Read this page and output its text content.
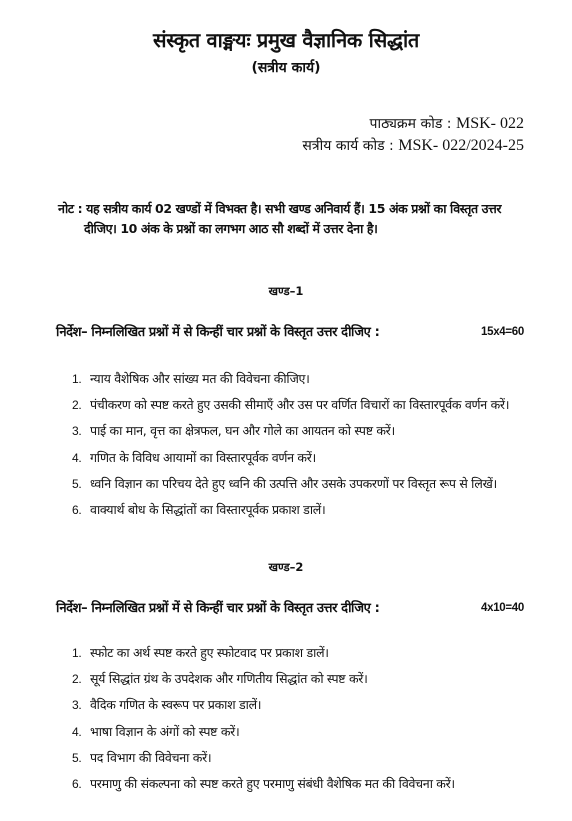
संस्कृत वाङ्मयः प्रमुख वैज्ञानिक सिद्धांत
(सत्रीय कार्य)
पाठ्यक्रम कोड : MSK- 022
सत्रीय कार्य कोड : MSK- 022/2024-25
नोट : यह सत्रीय कार्य 02 खण्डों में विभक्त है। सभी खण्ड अनिवार्य हैं। 15 अंक प्रश्नों का विस्तृत उत्तर
दीजिए। 10 अंक के प्रश्नों का लगभग आठ सौ शब्दों में उत्तर देना है।
खण्ड–1
निर्देश– निम्नलिखित प्रश्नों में से किन्हीं चार प्रश्नों के विस्तृत उत्तर दीजिए :	15x4=60
1. न्याय वैशेषिक और सांख्य मत की विवेचना कीजिए।
2. पंचीकरण को स्पष्ट करते हुए उसकी सीमाएँ और उस पर वर्णित विचारों का विस्तारपूर्वक वर्णन करें।
3. पाई का मान, वृत्त का क्षेत्रफल, घन और गोले का आयतन को स्पष्ट करें।
4. गणित के विविध आयामों का विस्तारपूर्वक वर्णन करें।
5. ध्वनि विज्ञान का परिचय देते हुए ध्वनि की उत्पत्ति और उसके उपकरणों पर विस्तृत रूप से लिखें।
6. वाक्यार्थ बोध के सिद्धांतों का विस्तारपूर्वक प्रकाश डालें।
खण्ड–2
निर्देश– निम्नलिखित प्रश्नों में से किन्हीं चार प्रश्नों के विस्तृत उत्तर दीजिए :	4x10=40
1. स्फोट का अर्थ स्पष्ट करते हुए स्फोटवाद पर प्रकाश डालें।
2. सूर्य सिद्धांत ग्रंथ के उपदेशक और गणितीय सिद्धांत को स्पष्ट करें।
3. वैदिक गणित के स्वरूप पर प्रकाश डालें।
4. भाषा विज्ञान के अंगों को स्पष्ट करें।
5. पद विभाग की विवेचना करें।
6. परमाणु की संकल्पना को स्पष्ट करते हुए परमाणु संबंधी वैशेषिक मत की विवेचना करें।
